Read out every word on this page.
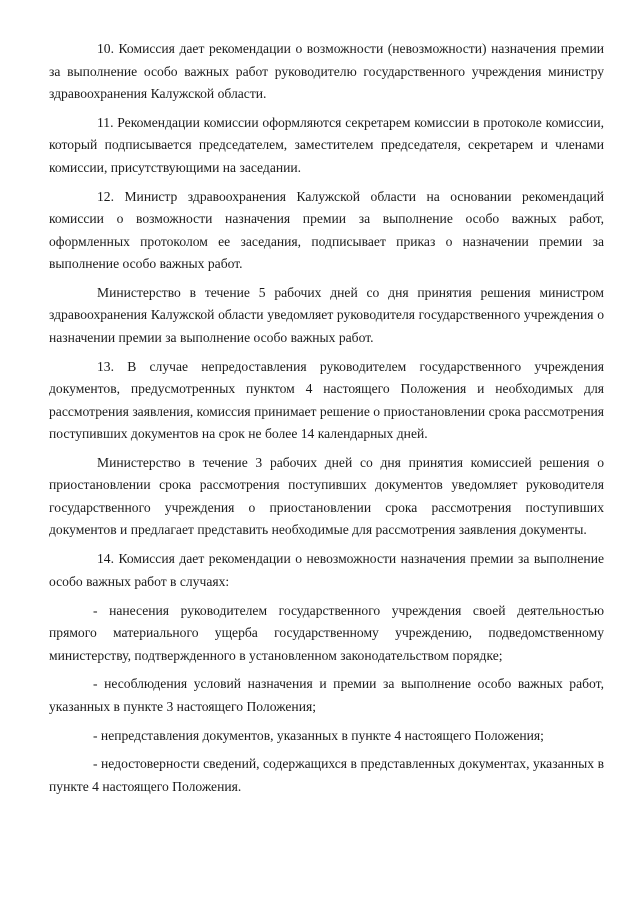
10. Комиссия дает рекомендации о возможности (невозможности) назначения премии за выполнение особо важных работ руководителю государственного учреждения министру здравоохранения Калужской области.

11. Рекомендации комиссии оформляются секретарем комиссии в протоколе комиссии, который подписывается председателем, заместителем председателя, секретарем и членами комиссии, присутствующими на заседании.

12. Министр здравоохранения Калужской области на основании рекомендаций комиссии о возможности назначения премии за выполнение особо важных работ, оформленных протоколом ее заседания, подписывает приказ о назначении премии за выполнение особо важных работ.

Министерство в течение 5 рабочих дней со дня принятия решения министром здравоохранения Калужской области уведомляет руководителя государственного учреждения о назначении премии за выполнение особо важных работ.

13. В случае непредоставления руководителем государственного учреждения документов, предусмотренных пунктом 4 настоящего Положения и необходимых для рассмотрения заявления, комиссия принимает решение о приостановлении срока рассмотрения поступивших документов на срок не более 14 календарных дней.

Министерство в течение 3 рабочих дней со дня принятия комиссией решения о приостановлении срока рассмотрения поступивших документов уведомляет руководителя государственного учреждения о приостановлении срока рассмотрения поступивших документов и предлагает представить необходимые для рассмотрения заявления документы.

14. Комиссия дает рекомендации о невозможности назначения премии за выполнение особо важных работ в случаях:

- нанесения руководителем государственного учреждения своей деятельностью прямого материального ущерба государственному учреждению, подведомственному министерству, подтвержденного в установленном законодательством порядке;

- несоблюдения условий назначения и премии за выполнение особо важных работ, указанных в пункте 3 настоящего Положения;

- непредставления документов, указанных в пункте 4 настоящего Положения;

- недостоверности сведений, содержащихся в представленных документах, указанных в пункте 4 настоящего Положения.
